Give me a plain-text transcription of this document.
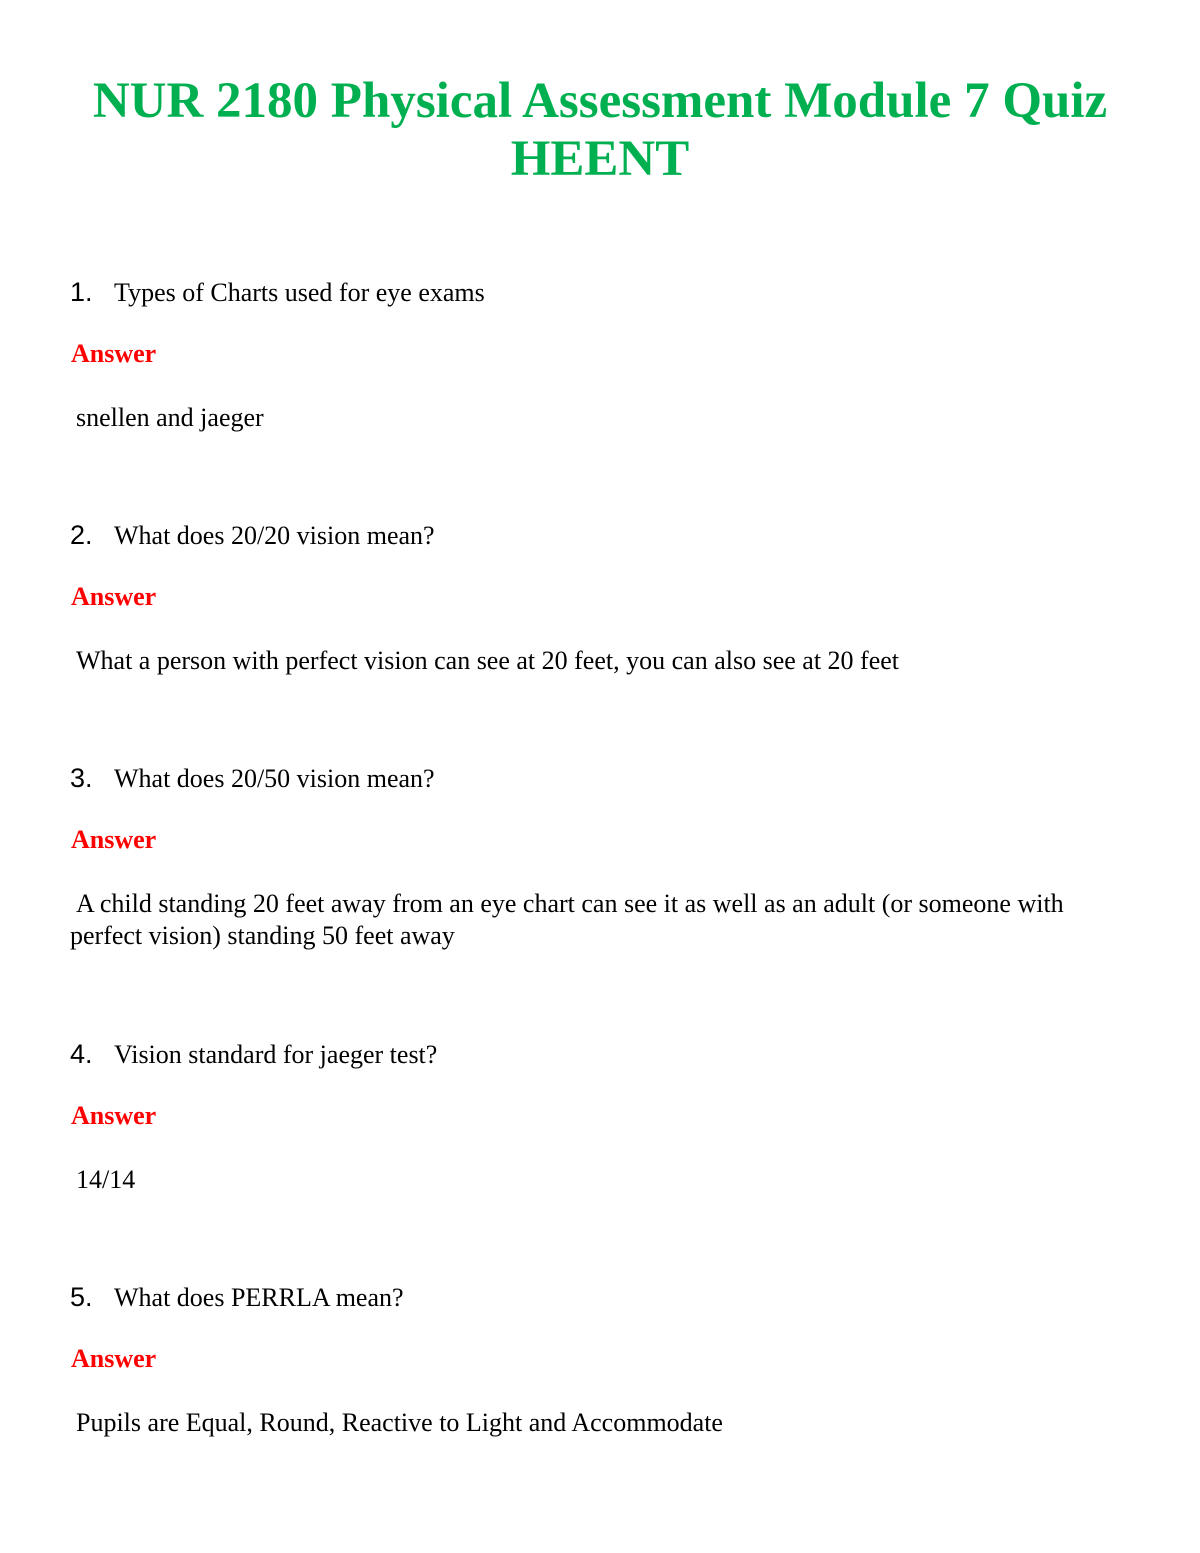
NUR 2180 Physical Assessment Module 7 Quiz
HEENT
1. Types of Charts used for eye exams
Answer
snellen and jaeger
2. What does 20/20 vision mean?
Answer
What a person with perfect vision can see at 20 feet, you can also see at 20 feet
3. What does 20/50 vision mean?
Answer
A child standing 20 feet away from an eye chart can see it as well as an adult (or someone with perfect vision) standing 50 feet away
4. Vision standard for jaeger test?
Answer
14/14
5. What does PERRLA mean?
Answer
Pupils are Equal, Round, Reactive to Light and Accommodate
